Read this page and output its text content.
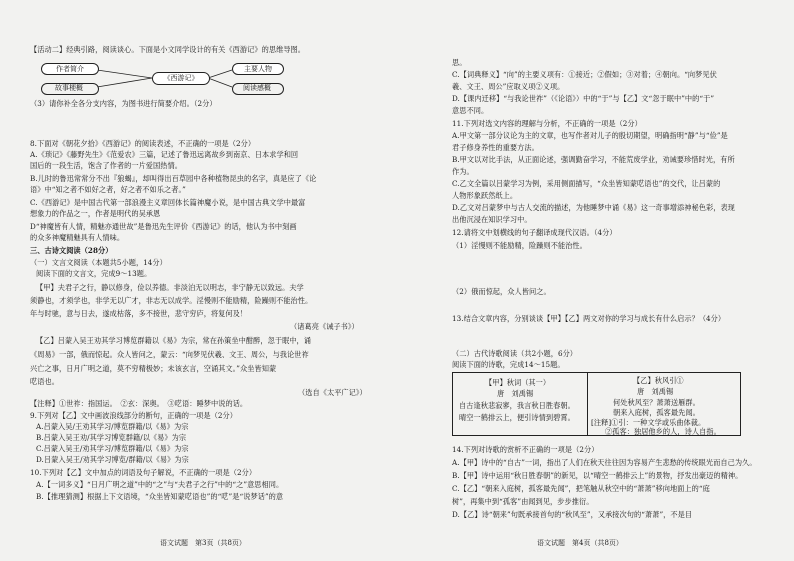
【活动二】经典引路，阅读谈心。下面是小文同学设计的有关《西游记》的思维导图。
作者简介
《西游记》
主要人物
故事梗概	阅读感概
（3）请你补全各分支内容，为图书进行简要介绍。（2分）
8.下面对《朝花夕拾》《西游记》的阅读表述，不正确的一项是（2分）
A.《琐记》《藤野先生》《范爱农》三篇，记述了鲁迅远离故乡到南京、日本求学和回
国后的一段生活，饱含了作者的一片爱国热情。
B.儿时的鲁迅常常分不出『狼蝎』，却叫得出百草园中各种植物昆虫的名字，真是应了《论
语》中“知之者不如好之者，好之者不如乐之者。”
C.《西游记》是中国古代第一部浪漫主义章回体长篇神魔小说，是中国古典文学中最富
想象力的作品之一，作者是明代的吴承恩
D“神魔皆有人情，精魅亦通世故”是鲁迅先生评价《西游记》的话，他认为书中刻画
的众多神魔精魅具有人情味。
三、古诗文阅读（28分）
（一）文言文阅读（本题共5小题，14分）
阅读下面的文言文，完成9～13题。
【甲】夫君子之行，静以修身，俭以养德。非淡泊无以明志，非宁静无以致远。夫学
须静也，才须学也，非学无以广才，非志无以成学。淫慢则不能励精，险躁则不能治性。
年与时驰，意与日去，遂成枯落，多不接世，悲守穷庐，将复何及！
（诸葛亮《诫子书》）
【乙】吕蒙入吴王劝其学习博览群籍以《易》为宗，常在孙策坐中酣醉，忽于眠中，诵
《周易》一部，俄而惊起。众人皆问之，蒙云：“向梦见伏羲、文王、周公，与我论世祚
兴亡之事，日月广明之道，莫不穷精极妙；未该玄言，空诵其文。”众坐皆知蒙
呓语也。
（选自《太平广记》）
【注释】①世祚：指国运。　②玄：深奥。　③呓语：睡梦中说的话。
9.下列对【乙】文中画波浪线部分的断句，正确的一项是（2分）
A.吕蒙入吴/王劝其学习/博览群籍/以《易》为宗
B.吕蒙入吴王劝/其学习博览群籍/以《易》为宗
C.吕蒙入吴王/劝其学习/博览群籍/以《易》为宗
D.吕蒙入吴王/劝其学习博览/群籍/以《易》为宗
10.下列对【乙】文中加点的词语及句子解说，不正确的一项是（2分）
A.【一词多义】“日月广明之道”中的“之”与“夫君子之行”中的“之”意思相同。
B.【推理猜测】根据上下文语境，“众坐皆知蒙呓语也”的“呓”是“说梦话”的意
语文试题　第3页（共8页）
思。
C.【词典释义】“向”的主要义项有：①接近；②假如；③对着；④朝向。“向梦见伏
羲、文王、周公”应取义项②义项。
D.【课内迁移】“与我论世祚”（《论语》）中的“于”与【乙】文“忽于眠中”中的“于”
意思不同。
11.下列对选文内容的理解与分析，不正确的一项是（2分）
A.甲文第一部分议论为主的文章，也写作者对儿子的殷切期望，明确指明“静”与“俭”是
君子修身养性的重要方法。
B.甲文以对比手法，从正面论述，强调勤奋学习，不能荒废学业，劝诫要珍惜时光，有所
作为。
C.乙文全篇以吕蒙学习为例，采用侧面描写，“众坐皆知蒙呓语也”的交代，让吕蒙的
人物形象跃然纸上。
D.乙文对吕蒙梦中与古人交流的描述，为他睡梦中诵《易》这一奇事增添神秘色彩，表现
出他沉浸在知识学习中。
12.请将文中划横线的句子翻译成现代汉语。（4分）
（1）淫慢则不能励精，险躁则不能治性。
（2）俄而惊起，众人皆问之。
13.结合文章内容，分别谈谈【甲】【乙】两文对你的学习与成长有什么启示？（4分）
（二）古代诗歌阅读（共2小题，6分）
阅读下面的诗歌，完成14～15题。
【甲】秋词（其一）
唐　刘禹锡
自古逢秋悲寂寥，我言秋日胜春朝。
晴空一鹤排云上，便引诗情到碧霄。
【乙】秋风引①
唐　刘禹锡
何处秋风至？萧萧送雁群。
朝来入庭树，孤客最先闻。
[注释]①引：一种文学或乐曲体裁。
②孤客：独居他乡的人，诗人自指。
14.下列对诗歌的赏析不正确的一项是（2分）
A.【甲】诗中的“自古”一词，指出了人们在秋天往往因为容易产生悲愁的传统眼光而自己为久。
B.【甲】诗中运用“秋日胜春朝”的新见，以“晴空一鹤排云上”的景物，抒发出豪迈的精神。
C.【乙】“朝来入庭树，孤客最先闻”，把笔触从秋空中的“萧萧”移向地面上的“庭
树”，再集中到“孤客”由闻到见，步步推衍。
D.【乙】诗“朝来”句既承接首句的“秋风至”，又承接次句的“萧萧”，不是目
语文试题　第4页（共8页）
